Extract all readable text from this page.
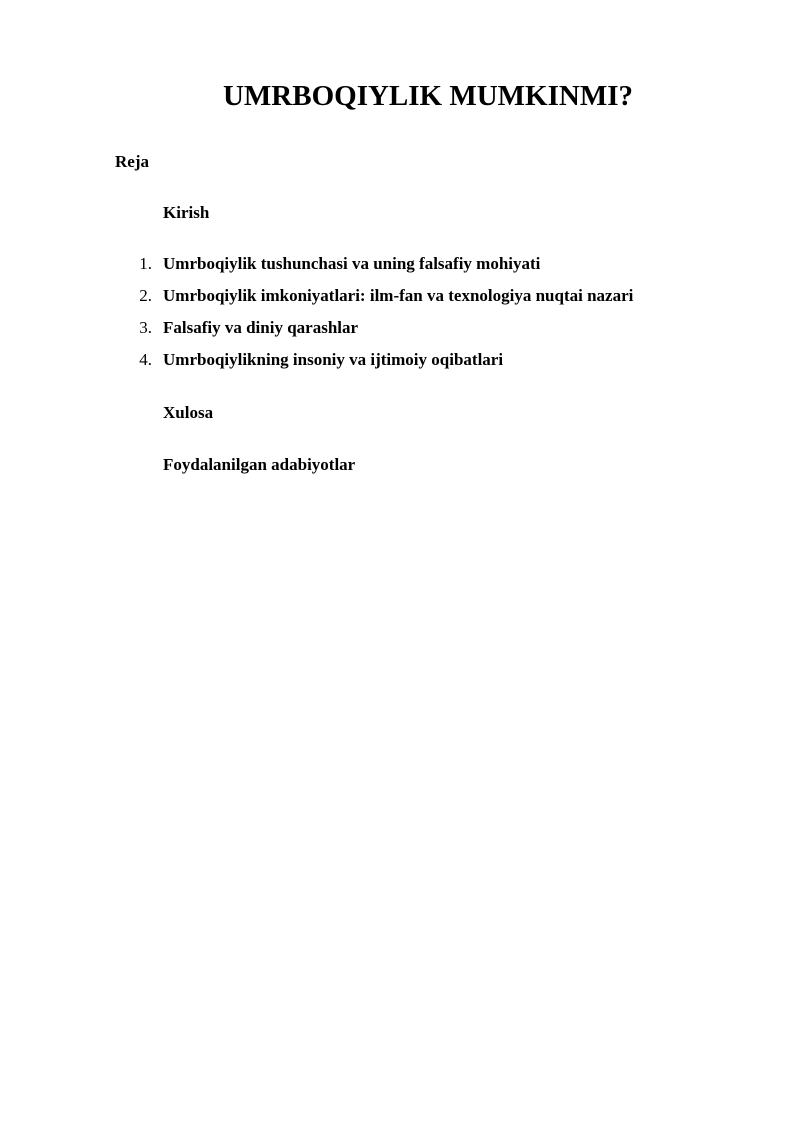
UMRBOQIYLIK MUMKINMI?

Reja

Kirish

1. Umrboqiylik tushunchasi va uning falsafiy mohiyati
2. Umrboqiylik imkoniyatlari: ilm-fan va texnologiya nuqtai nazari
3. Falsafiy va diniy qarashlar
4. Umrboqiylikning insoniy va ijtimoiy oqibatlari

Xulosa

Foydalanilgan adabiyotlar
